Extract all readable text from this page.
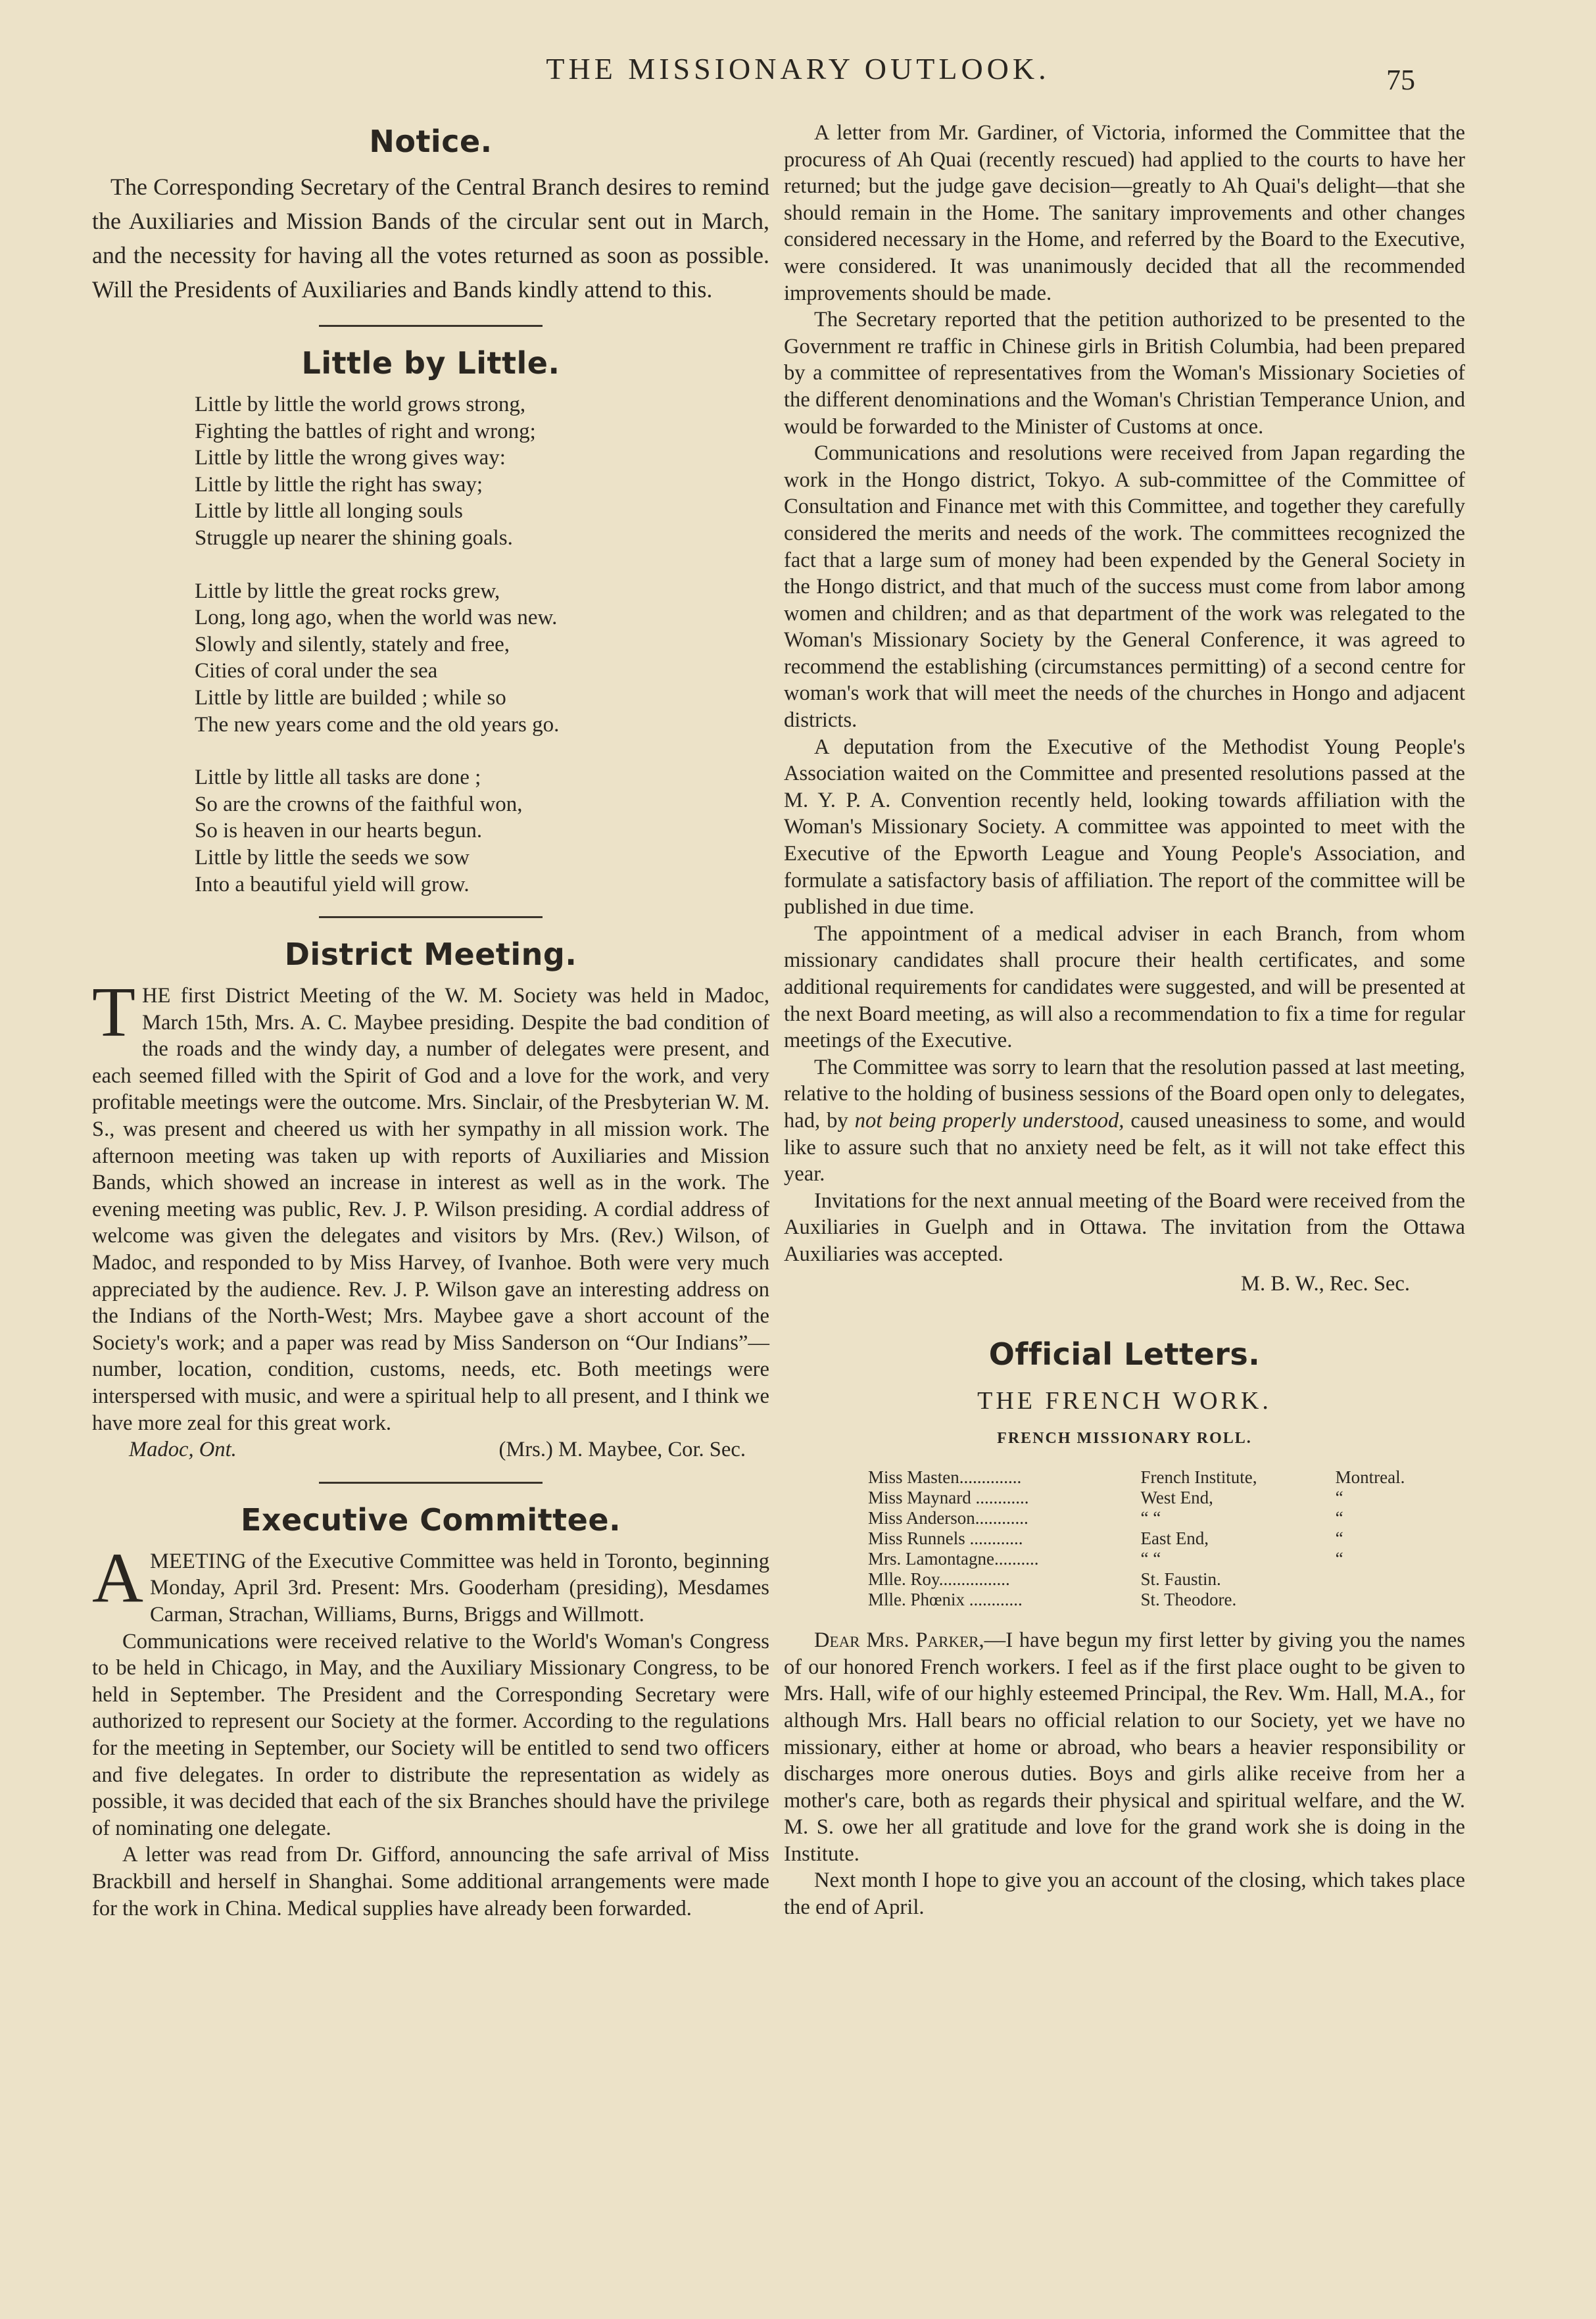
THE MISSIONARY OUTLOOK.	75
Notice.

The Corresponding Secretary of the Central Branch desires to remind the Auxiliaries and Mission Bands of the circular sent out in March, and the necessity for having all the votes returned as soon as possible. Will the Presidents of Auxiliaries and Bands kindly attend to this.

Little by Little.
Little by little the world grows strong,
Fighting the battles of right and wrong;
Little by little the wrong gives way:
Little by little the right has sway;
Little by little all longing souls
Struggle up nearer the shining goals.
Little by little the great rocks grew,
Long, long ago, when the world was new.
Slowly and silently, stately and free,
Cities of coral under the sea
Little by little are builded ; while so
The new years come and the old years go.
Little by little all tasks are done ;
So are the crowns of the faithful won,
So is heaven in our hearts begun.
Little by little the seeds we sow
Into a beautiful yield will grow.
District Meeting.

THE first District Meeting of the W. M. Society was held in Madoc, March 15th, Mrs. A. C. Maybee presiding. Despite the bad condition of the roads and the windy day, a number of delegates were present, and each seemed filled with the Spirit of God and a love for the work, and very profitable meetings were the outcome. Mrs. Sinclair, of the Presbyterian W. M. S., was present and cheered us with her sympathy in all mission work. The afternoon meeting was taken up with reports of Auxiliaries and Mission Bands, which showed an increase in interest as well as in the work. The evening meeting was public, Rev. J. P. Wilson presiding. A cordial address of welcome was given the delegates and visitors by Mrs. (Rev.) Wilson, of Madoc, and responded to by Miss Harvey, of Ivanhoe. Both were very much appreciated by the audience. Rev. J. P. Wilson gave an interesting address on the Indians of the North-West; Mrs. Maybee gave a short account of the Society's work; and a paper was read by Miss Sanderson on “Our Indians”—number, location, condition, customs, needs, etc. Both meetings were interspersed with music, and were a spiritual help to all present, and I think we have more zeal for this great work.

Madoc, Ont.	(Mrs.) M. Maybee, Cor. Sec.
Executive Committee.

AMEETING of the Executive Committee was held in Toronto, beginning Monday, April 3rd. Present: Mrs. Gooderham (presiding), Mesdames Carman, Strachan, Williams, Burns, Briggs and Willmott.

Communications were received relative to the World's Woman's Congress to be held in Chicago, in May, and the Auxiliary Missionary Congress, to be held in September. The President and the Corresponding Secretary were authorized to represent our Society at the former. According to the regulations for the meeting in September, our Society will be entitled to send two officers and five delegates. In order to distribute the representation as widely as possible, it was decided that each of the six Branches should have the privilege of nominating one delegate.

A letter was read from Dr. Gifford, announcing the safe arrival of Miss Brackbill and herself in Shanghai. Some additional arrangements were made for the work in China. Medical supplies have already been forwarded.

A letter from Mr. Gardiner, of Victoria, informed the Committee that the procuress of Ah Quai (recently rescued) had applied to the courts to have her returned; but the judge gave decision—greatly to Ah Quai's delight—that she should remain in the Home. The sanitary improvements and other changes considered necessary in the Home, and referred by the Board to the Executive, were considered. It was unanimously decided that all the recommended improvements should be made.

The Secretary reported that the petition authorized to be presented to the Government re traffic in Chinese girls in British Columbia, had been prepared by a committee of representatives from the Woman's Missionary Societies of the different denominations and the Woman's Christian Temperance Union, and would be forwarded to the Minister of Customs at once.

Communications and resolutions were received from Japan regarding the work in the Hongo district, Tokyo. A sub-committee of the Committee of Consultation and Finance met with this Committee, and together they carefully considered the merits and needs of the work. The committees recognized the fact that a large sum of money had been expended by the General Society in the Hongo district, and that much of the success must come from labor among women and children; and as that department of the work was relegated to the Woman's Missionary Society by the General Conference, it was agreed to recommend the establishing (circumstances permitting) of a second centre for woman's work that will meet the needs of the churches in Hongo and adjacent districts.

A deputation from the Executive of the Methodist Young People's Association waited on the Committee and presented resolutions passed at the M. Y. P. A. Convention recently held, looking towards affiliation with the Woman's Missionary Society. A committee was appointed to meet with the Executive of the Epworth League and Young People's Association, and formulate a satisfactory basis of affiliation. The report of the committee will be published in due time.

The appointment of a medical adviser in each Branch, from whom missionary candidates shall procure their health certificates, and some additional requirements for candidates were suggested, and will be presented at the next Board meeting, as will also a recommendation to fix a time for regular meetings of the Executive.

The Committee was sorry to learn that the resolution passed at last meeting, relative to the holding of business sessions of the Board open only to delegates, had, by not being properly understood, caused uneasiness to some, and would like to assure such that no anxiety need be felt, as it will not take effect this year.

Invitations for the next annual meeting of the Board were received from the Auxiliaries in Guelph and in Ottawa. The invitation from the Ottawa Auxiliaries was accepted.

M. B. W., Rec. Sec.
Official Letters.
THE FRENCH WORK.
FRENCH MISSIONARY ROLL.
Miss Masten..............	French Institute,	Montreal.
Miss Maynard ............	West End,	“
Miss Anderson............	“ “	“
Miss Runnels ............	East End,	“
Mrs. Lamontagne..........	“ “	“
Mlle. Roy................	St. Faustin.
Mlle. Phœnix ............	St. Theodore.

Dear Mrs. Parker,—I have begun my first letter by giving you the names of our honored French workers. I feel as if the first place ought to be given to Mrs. Hall, wife of our highly esteemed Principal, the Rev. Wm. Hall, M.A., for although Mrs. Hall bears no official relation to our Society, yet we have no missionary, either at home or abroad, who bears a heavier responsibility or discharges more onerous duties. Boys and girls alike receive from her a mother's care, both as regards their physical and spiritual welfare, and the W. M. S. owe her all gratitude and love for the grand work she is doing in the Institute.

Next month I hope to give you an account of the closing, which takes place the end of April.
